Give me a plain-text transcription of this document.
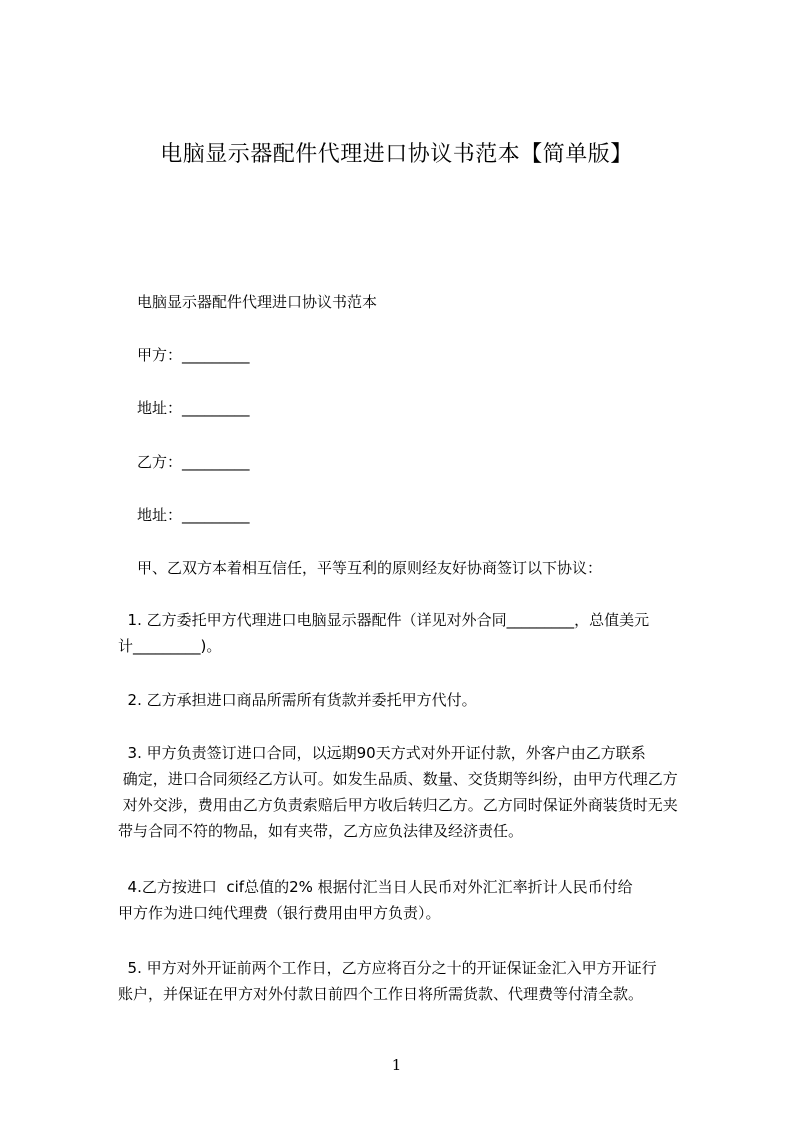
电脑显示器配件代理进口协议书范本【简单版】
电脑显示器配件代理进口协议书范本
甲方：_________
地址：_________
乙方：_________
地址：_________
甲、乙双方本着相互信任，平等互利的原则经友好协商签订以下协议：
1. 乙方委托甲方代理进口电脑显示器配件（详见对外合同_________，总值美元
计_________)。
2. 乙方承担进口商品所需所有货款并委托甲方代付。
3. 甲方负责签订进口合同，以远期90天方式对外开证付款，外客户由乙方联系
确定，进口合同须经乙方认可。如发生品质、数量、交货期等纠纷，由甲方代理乙方
对外交涉，费用由乙方负责索赔后甲方收后转归乙方。乙方同时保证外商装货时无夹
带与合同不符的物品，如有夹带，乙方应负法律及经济责任。
4.乙方按进口  cif总值的2% 根据付汇当日人民币对外汇汇率折计人民币付给
甲方作为进口纯代理费（银行费用由甲方负责）。
5. 甲方对外开证前两个工作日，乙方应将百分之十的开证保证金汇入甲方开证行
账户，并保证在甲方对外付款日前四个工作日将所需货款、代理费等付清全款。
1
